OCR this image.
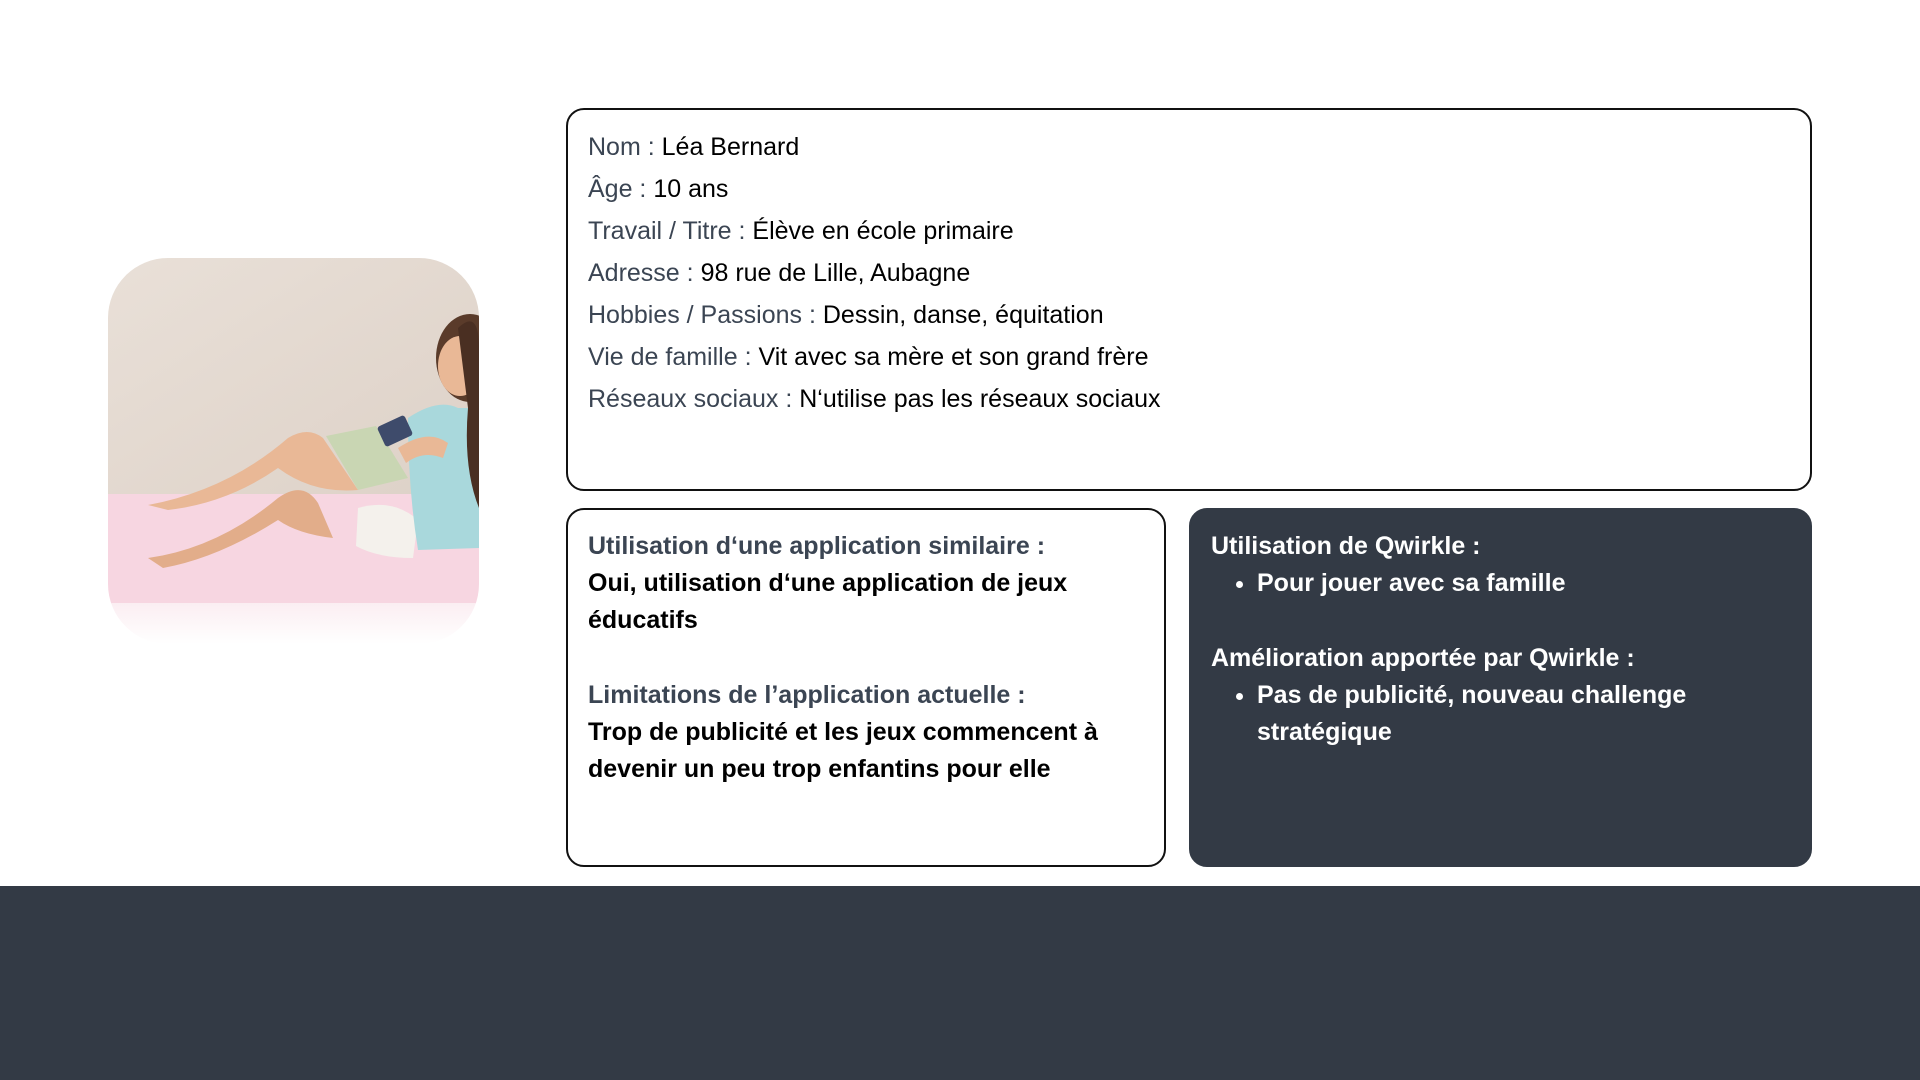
Nom : Léa Bernard
Âge : 10 ans
Travail / Titre : Élève en école primaire
Adresse : 98 rue de Lille, Aubagne
Hobbies / Passions : Dessin, danse, équitation
Vie de famille : Vit avec sa mère et son grand frère
Réseaux sociaux : N‘utilise pas les réseaux sociaux
Utilisation d‘une application similaire :
Oui, utilisation d‘une application de jeux éducatifs
Limitations de l’application actuelle :
Trop de publicité et les jeux commencent à devenir un peu trop enfantins pour elle
Utilisation de Qwirkle :
• Pour jouer avec sa famille
Amélioration apportée par Qwirkle :
• Pas de publicité, nouveau challenge stratégique
